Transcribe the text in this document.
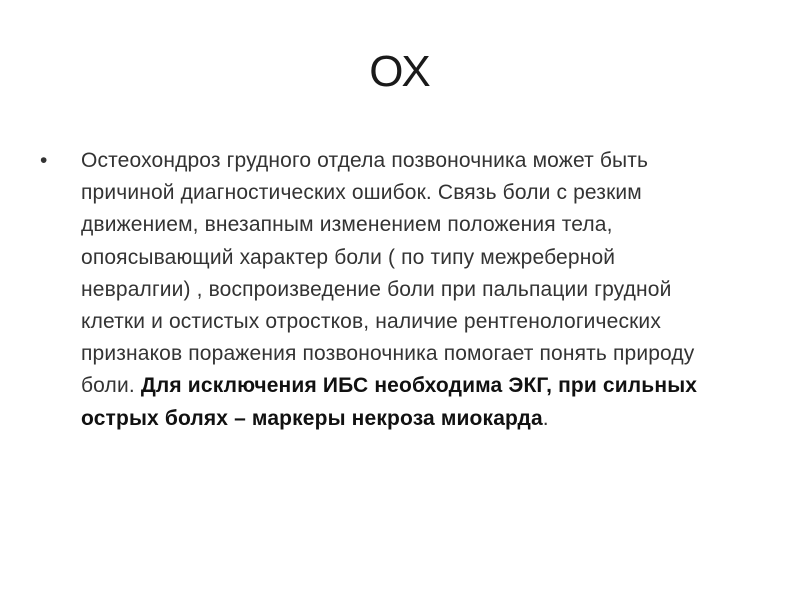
ОХ
• Остеохондроз грудного отдела позвоночника может быть причиной диагностических ошибок. Связь боли с резким движением, внезапным изменением положения тела, опоясывающий характер боли ( по типу межреберной невралгии) , воспроизведение боли при пальпации грудной клетки и остистых отростков, наличие рентгенологических признаков поражения позвоночника помогает понять природу боли. Для исключения ИБС необходима ЭКГ, при сильных острых болях – маркеры некроза миокарда.
